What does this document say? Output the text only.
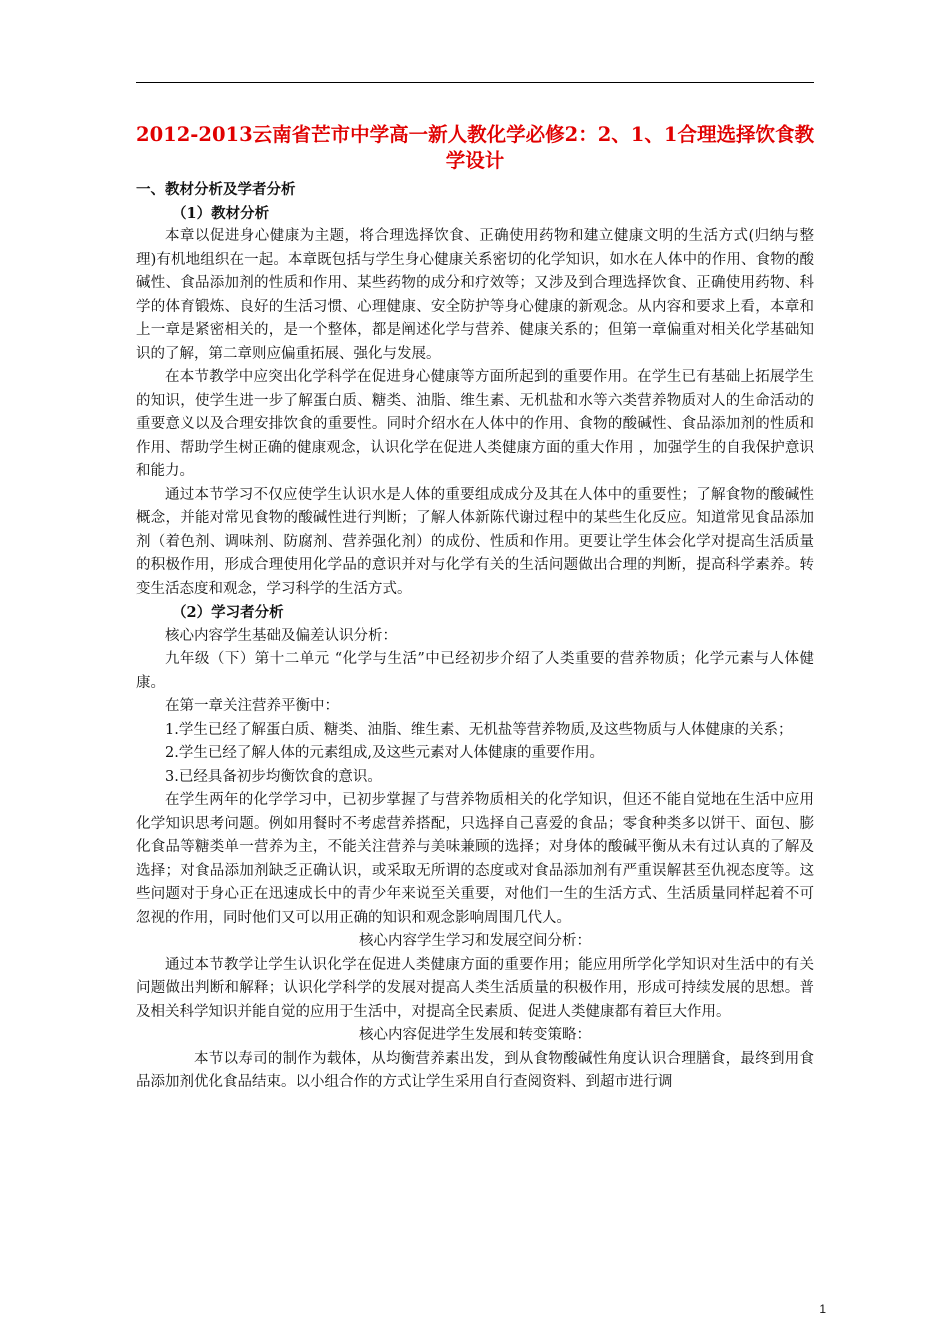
2012-2013云南省芒市中学高一新人教化学必修2：2、1、1合理选择饮食教学设计

一、教材分析及学者分析

（1）教材分析

本章以促进身心健康为主题，将合理选择饮食、正确使用药物和建立健康文明的生活方式(归纳与整理)有机地组织在一起。本章既包括与学生身心健康关系密切的化学知识，如水在人体中的作用、食物的酸碱性、食品添加剂的性质和作用、某些药物的成分和疗效等；又涉及到合理选择饮食、正确使用药物、科学的体育锻炼、良好的生活习惯、心理健康、安全防护等身心健康的新观念。从内容和要求上看，本章和上一章是紧密相关的，是一个整体，都是阐述化学与营养、健康关系的；但第一章偏重对相关化学基础知识的了解，第二章则应偏重拓展、强化与发展。

在本节教学中应突出化学科学在促进身心健康等方面所起到的重要作用。在学生已有基础上拓展学生的知识，使学生进一步了解蛋白质、糖类、油脂、维生素、无机盐和水等六类营养物质对人的生命活动的重要意义以及合理安排饮食的重要性。同时介绍水在人体中的作用、食物的酸碱性、食品添加剂的性质和作用、帮助学生树正确的健康观念，认识化学在促进人类健康方面的重大作用 ，加强学生的自我保护意识和能力。

通过本节学习不仅应使学生认识水是人体的重要组成成分及其在人体中的重要性；了解食物的酸碱性概念，并能对常见食物的酸碱性进行判断；了解人体新陈代谢过程中的某些生化反应。知道常见食品添加剂（着色剂、调味剂、防腐剂、营养强化剂）的成份、性质和作用。更要让学生体会化学对提高生活质量的积极作用，形成合理使用化学品的意识并对与化学有关的生活问题做出合理的判断，提高科学素养。转变生活态度和观念，学习科学的生活方式。

（2）学习者分析

核心内容学生基础及偏差认识分析：

九年级（下）第十二单元 “化学与生活”中已经初步介绍了人类重要的营养物质；化学元素与人体健康。

在第一章关注营养平衡中：

1.学生已经了解蛋白质、糖类、油脂、维生素、无机盐等营养物质,及这些物质与人体健康的关系；

2.学生已经了解人体的元素组成,及这些元素对人体健康的重要作用。

3.已经具备初步均衡饮食的意识。

在学生两年的化学学习中，已初步掌握了与营养物质相关的化学知识，但还不能自觉地在生活中应用化学知识思考问题。例如用餐时不考虑营养搭配，只选择自己喜爱的食品；零食种类多以饼干、面包、膨化食品等糖类单一营养为主，不能关注营养与美味兼顾的选择；对身体的酸碱平衡从未有过认真的了解及选择；对食品添加剂缺乏正确认识，或采取无所谓的态度或对食品添加剂有严重误解甚至仇视态度等。这些问题对于身心正在迅速成长中的青少年来说至关重要，对他们一生的生活方式、生活质量同样起着不可忽视的作用，同时他们又可以用正确的知识和观念影响周围几代人。

核心内容学生学习和发展空间分析：

通过本节教学让学生认识化学在促进人类健康方面的重要作用；能应用所学化学知识对生活中的有关问题做出判断和解释；认识化学科学的发展对提高人类生活质量的积极作用，形成可持续发展的思想。普及相关科学知识并能自觉的应用于生活中，对提高全民素质、促进人类健康都有着巨大作用。

核心内容促进学生发展和转变策略：

本节以寿司的制作为载体，从均衡营养素出发，到从食物酸碱性角度认识合理膳食，最终到用食品添加剂优化食品结束。以小组合作的方式让学生采用自行查阅资料、到超市进行调

1
